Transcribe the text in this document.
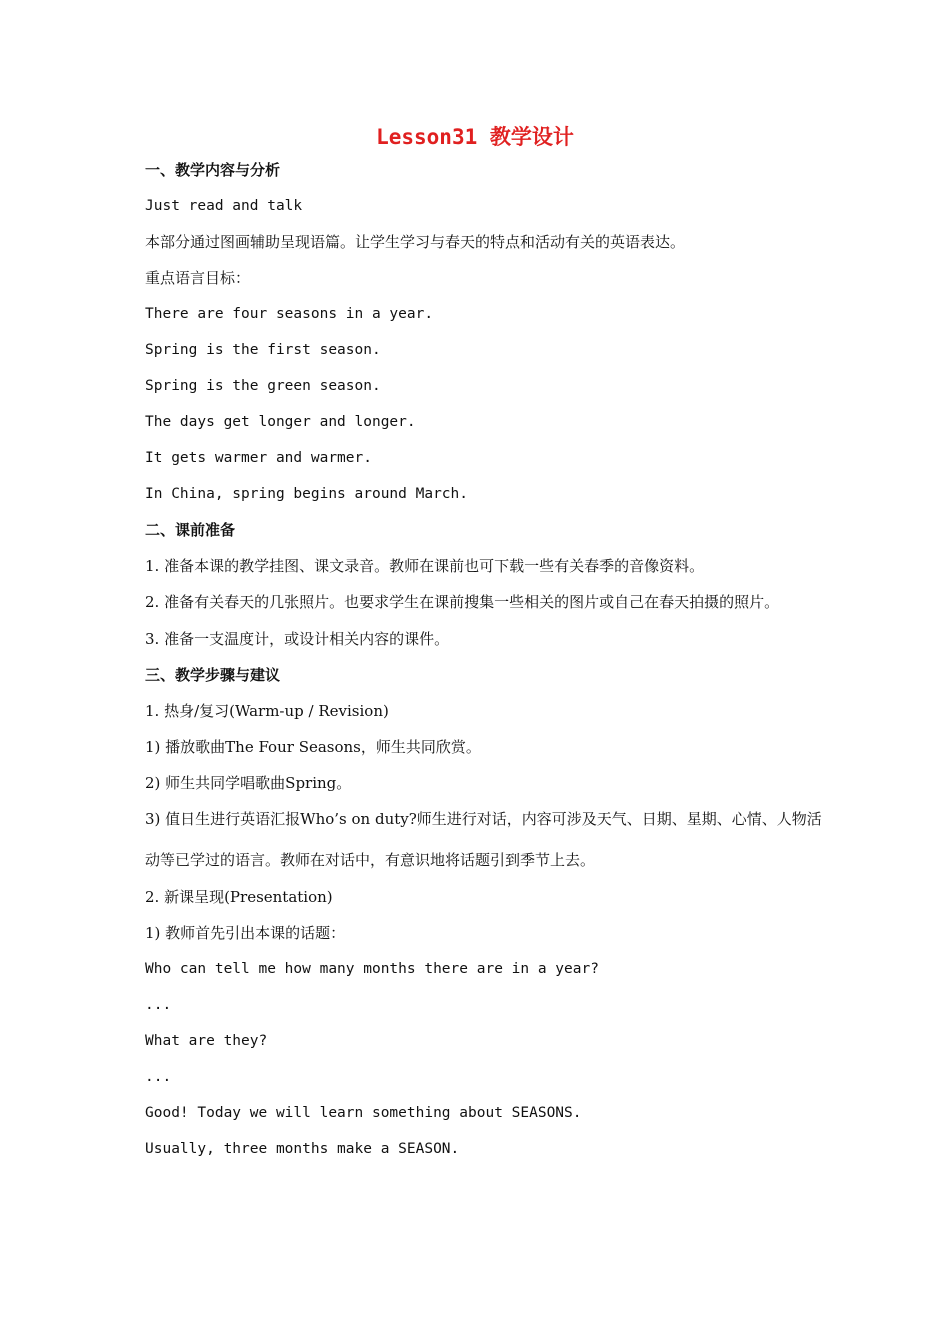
Lesson31 教学设计
一、教学内容与分析
Just read and talk
本部分通过图画辅助呈现语篇。让学生学习与春天的特点和活动有关的英语表达。
重点语言目标：
There are four seasons in a year.
Spring is the first season.
Spring is the green season.
The days get longer and longer.
It gets warmer and warmer.
In China, spring begins around March.
二、课前准备
1. 准备本课的教学挂图、课文录音。教师在课前也可下载一些有关春季的音像资料。
2. 准备有关春天的几张照片。也要求学生在课前搜集一些相关的图片或自己在春天拍摄的照片。
3. 准备一支温度计，或设计相关内容的课件。
三、教学步骤与建议
1. 热身/复习(Warm-up / Revision)
1) 播放歌曲The Four Seasons，师生共同欣赏。
2) 师生共同学唱歌曲Spring。
3) 值日生进行英语汇报Who’s on duty?师生进行对话，内容可涉及天气、日期、星期、心情、人物活动等已学过的语言。教师在对话中，有意识地将话题引到季节上去。
2. 新课呈现(Presentation)
1) 教师首先引出本课的话题：
Who can tell me how many months there are in a year?
...
What are they?
...
Good! Today we will learn something about SEASONS.
Usually, three months make a SEASON.
